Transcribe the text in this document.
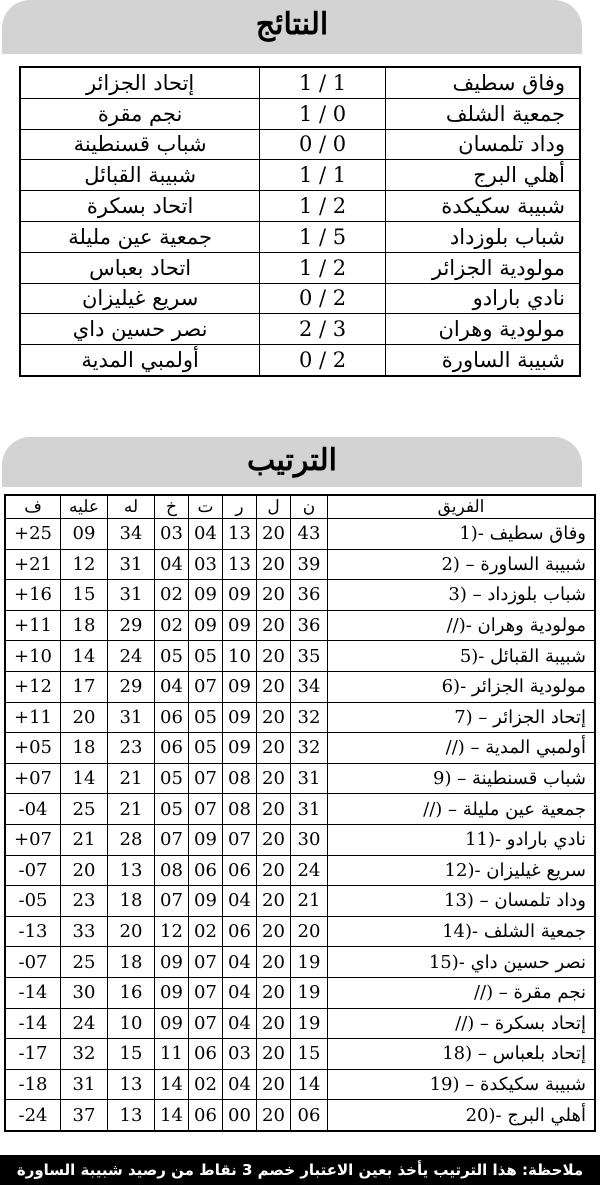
النتائج
إتحاد الجزائر	1 / 1	وفاق سطيف
نجم مقرة	1 / 0	جمعية الشلف
شباب قسنطينة	0 / 0	وداد تلمسان
شبيبة القبائل	1 / 1	أهلي البرج
اتحاد بسكرة	1 / 2	شبيبة سكيكدة
جمعية عين مليلة	1 / 5	شباب بلوزداد
اتحاد بعباس	1 / 2	مولودية الجزائر
سريع غيليزان	0 / 2	نادي بارادو
نصر حسين داي	2 / 3	مولودية وهران
أولمبي المدية	0 / 2	شبيبة الساورة
الترتيب
ف	عليه	له	خ	ت	ر	ل	ن	الفريق
+25	09	34	03	04	13	20	43	1)- وفاق سطيف
+21	12	31	04	03	13	20	39	2) – شبيبة الساورة
+16	15	31	02	09	09	20	36	3) – شباب بلوزداد
+11	18	29	02	09	09	20	36	//)- مولودية وهران
+10	14	24	05	05	10	20	35	5)- شبيبة القبائل
+12	17	29	04	07	09	20	34	6)- مولودية الجزائر
+11	20	31	06	05	09	20	32	7) – إتحاد الجزائر
+05	18	23	06	05	09	20	32	//) – أولمبي المدية
+07	14	21	05	07	08	20	31	9) – شباب قسنطينة
-04	25	21	05	07	08	20	31	//) – جمعية عين مليلة
+07	21	28	07	09	07	20	30	11)- نادي بارادو
-07	20	13	08	06	06	20	24	12)- سريع غيليزان
-05	23	18	07	09	04	20	21	13) – وداد تلمسان
-13	33	20	12	02	06	20	20	14)- جمعية الشلف
-07	25	18	09	07	04	20	19	15)- نصر حسين داي
-14	30	16	09	07	04	20	19	//) – نجم مقرة
-14	24	10	09	07	04	20	19	//) – إتحاد بسكرة
-17	32	15	11	06	03	20	15	18) – إتحاد بلعباس
-18	31	13	14	02	04	20	14	19) – شبيبة سكيكدة
-24	37	13	14	06	00	20	06	20)- أهلي البرج
ملاحظة: هذا الترتيب يأخذ بعين الاعتبار خصم 3 نقاط من رصيد شبيبة الساورة
